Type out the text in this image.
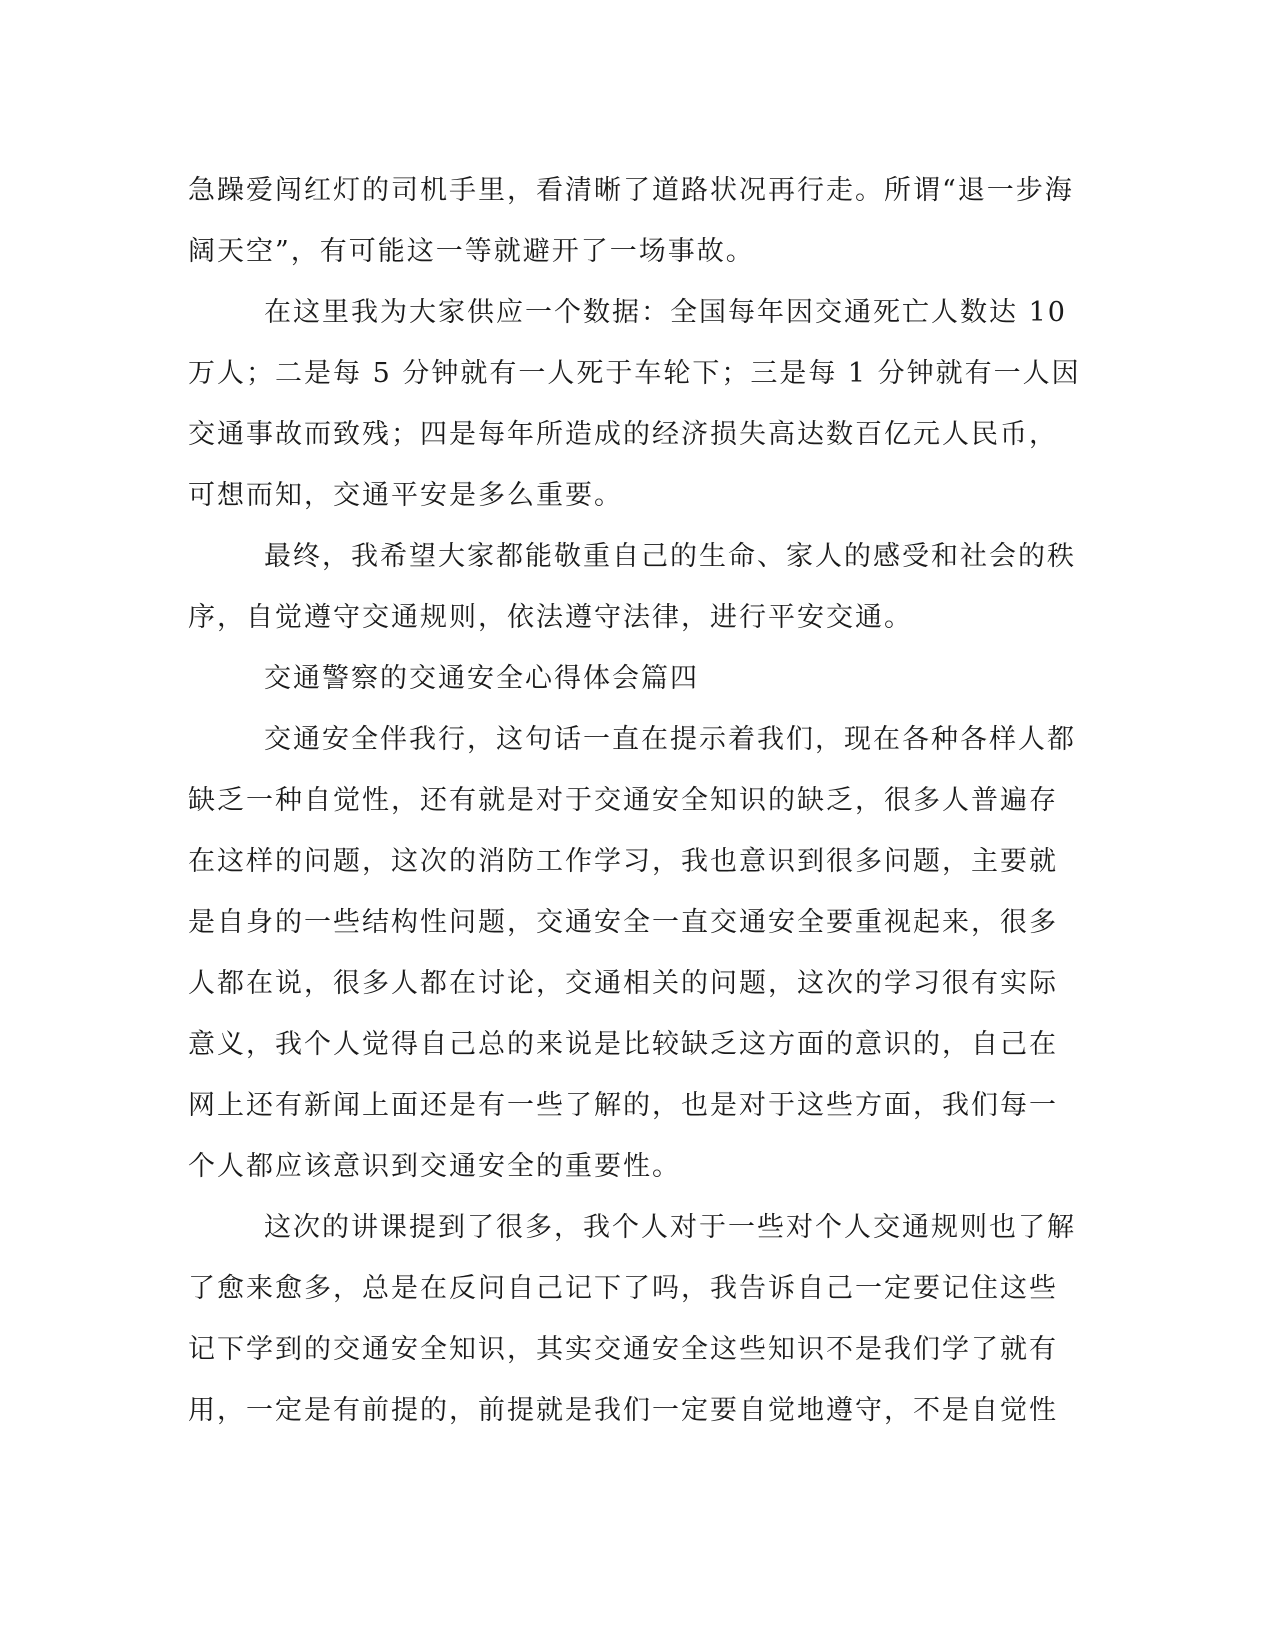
急躁爱闯红灯的司机手里，看清晰了道路状况再行走。所谓“退一步海
阔天空”，有可能这一等就避开了一场事故。
在这里我为大家供应一个数据：全国每年因交通死亡人数达 10
万人；二是每 5 分钟就有一人死于车轮下；三是每 1 分钟就有一人因
交通事故而致残；四是每年所造成的经济损失高达数百亿元人民币，
可想而知，交通平安是多么重要。
最终，我希望大家都能敬重自己的生命、家人的感受和社会的秩
序，自觉遵守交通规则，依法遵守法律，进行平安交通。
交通警察的交通安全心得体会篇四
交通安全伴我行，这句话一直在提示着我们，现在各种各样人都
缺乏一种自觉性，还有就是对于交通安全知识的缺乏，很多人普遍存
在这样的问题，这次的消防工作学习，我也意识到很多问题，主要就
是自身的一些结构性问题，交通安全一直交通安全要重视起来，很多
人都在说，很多人都在讨论，交通相关的问题，这次的学习很有实际
意义，我个人觉得自己总的来说是比较缺乏这方面的意识的，自己在
网上还有新闻上面还是有一些了解的，也是对于这些方面，我们每一
个人都应该意识到交通安全的重要性。
这次的讲课提到了很多，我个人对于一些对个人交通规则也了解
了愈来愈多，总是在反问自己记下了吗，我告诉自己一定要记住这些
记下学到的交通安全知识，其实交通安全这些知识不是我们学了就有
用，一定是有前提的，前提就是我们一定要自觉地遵守，不是自觉性
